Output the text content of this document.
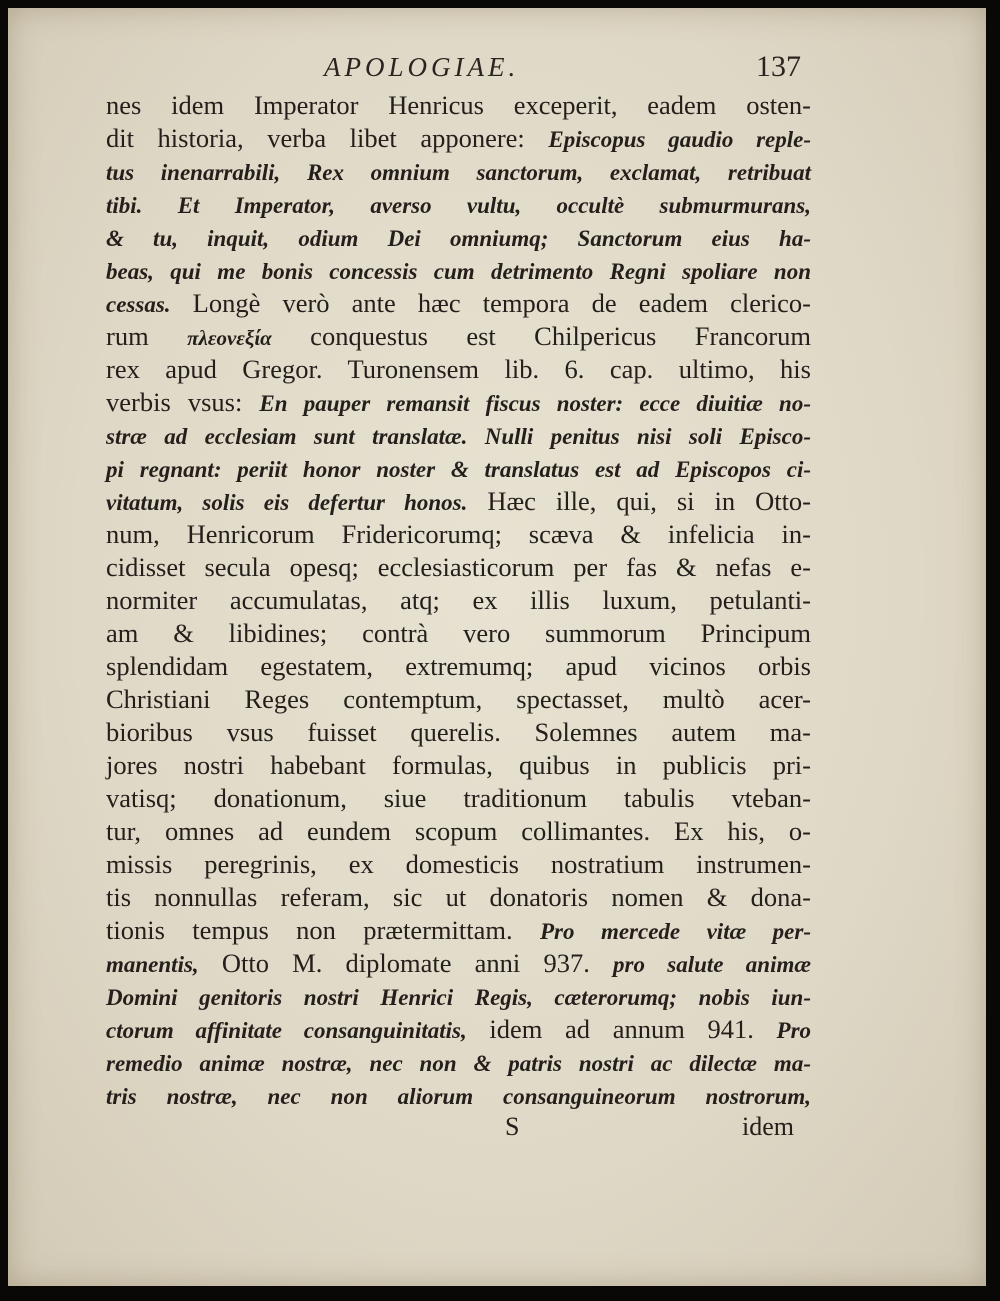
APOLOGIAE.	137
nes idem Imperator Henricus exceperit, eadem osten-
dit historia, verba libet apponere: Episcopus gaudio reple-
tus inenarrabili, Rex omnium sanctorum, exclamat, retribuat
tibi. Et Imperator, averso vultu, occultè submurmurans,
& tu, inquit, odium Dei omniumq; Sanctorum eius ha-
beas, qui me bonis concessis cum detrimento Regni spoliare non
cessas. Longè verò ante hæc tempora de eadem clerico-
rum πλεονεξία conquestus est Chilpericus Francorum
rex apud Gregor. Turonensem lib. 6. cap. ultimo, his
verbis vsus: En pauper remansit fiscus noster: ecce diuitiæ no-
stræ ad ecclesiam sunt translatæ. Nulli penitus nisi soli Episco-
pi regnant: periit honor noster & translatus est ad Episcopos ci-
vitatum, solis eis defertur honos. Hæc ille, qui, si in Otto-
num, Henricorum Fridericorumq; scæva & infelicia in-
cidisset secula opesq; ecclesiasticorum per fas & nefas e-
normiter accumulatas, atq; ex illis luxum, petulanti-
am & libidines; contrà vero summorum Principum
splendidam egestatem, extremumq; apud vicinos orbis
Christiani Reges contemptum, spectasset, multò acer-
bioribus vsus fuisset querelis. Solemnes autem ma-
jores nostri habebant formulas, quibus in publicis pri-
vatisq; donationum, siue traditionum tabulis vteban-
tur, omnes ad eundem scopum collimantes. Ex his, o-
missis peregrinis, ex domesticis nostratium instrumen-
tis nonnullas referam, sic ut donatoris nomen & dona-
tionis tempus non prætermittam. Pro mercede vitæ per-
manentis, Otto M. diplomate anni 937. pro salute animæ
Domini genitoris nostri Henrici Regis, cæterorumq; nobis iun-
ctorum affinitate consanguinitatis, idem ad annum 941. Pro
remedio animæ nostræ, nec non & patris nostri ac dilectæ ma-
tris nostræ, nec non aliorum consanguineorum nostrorum,
S	idem
